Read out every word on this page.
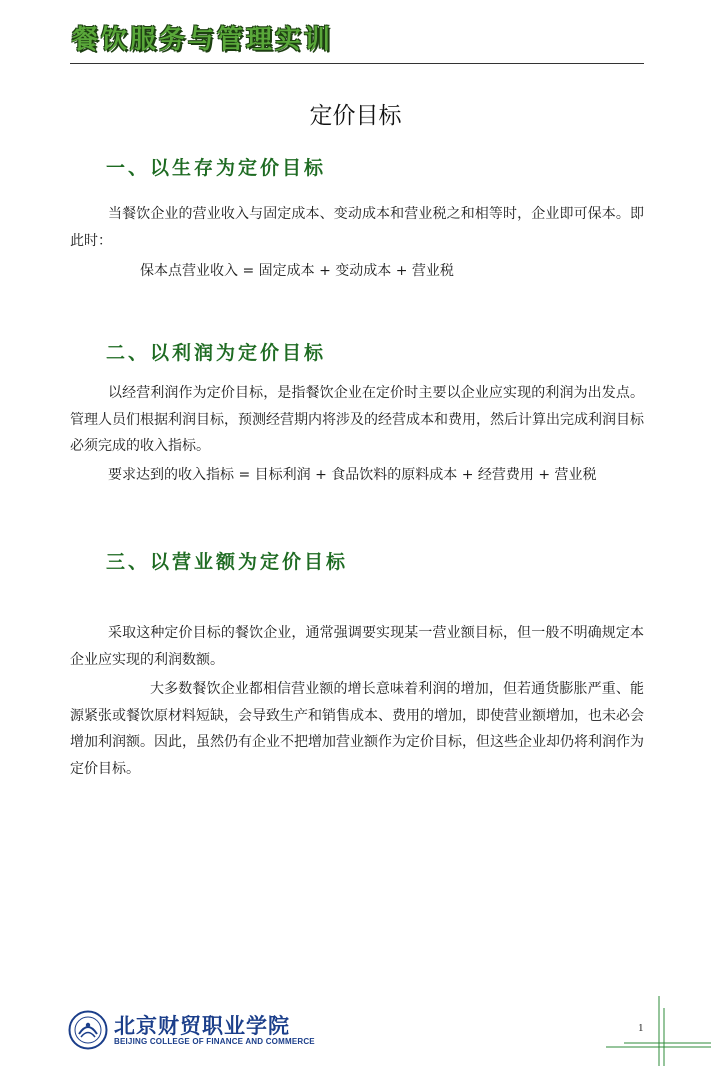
餐饮服务与管理实训
定价目标
一、以生存为定价目标

当餐饮企业的营业收入与固定成本、变动成本和营业税之和相等时，企业即可保本。即此时：

保本点营业收入 = 固定成本 + 变动成本 + 营业税
二、以利润为定价目标

以经营利润作为定价目标，是指餐饮企业在定价时主要以企业应实现的利润为出发点。管理人员们根据利润目标，预测经营期内将涉及的经营成本和费用，然后计算出完成利润目标必须完成的收入指标。

要求达到的收入指标 = 目标利润 + 食品饮料的原料成本 + 经营费用 + 营业税

三、以营业额为定价目标

采取这种定价目标的餐饮企业，通常强调要实现某一营业额目标，但一般不明确规定本企业应实现的利润数额。

大多数餐饮企业都相信营业额的增长意味着利润的增加，但若通货膨胀严重、能源紧张或餐饮原材料短缺，会导致生产和销售成本、费用的增加，即使营业额增加，也未必会增加利润额。因此，虽然仍有企业不把增加营业额作为定价目标，但这些企业却仍将利润作为定价目标。

北京财贸职业学院
BEIJING COLLEGE OF FINANCE AND COMMERCE
1
